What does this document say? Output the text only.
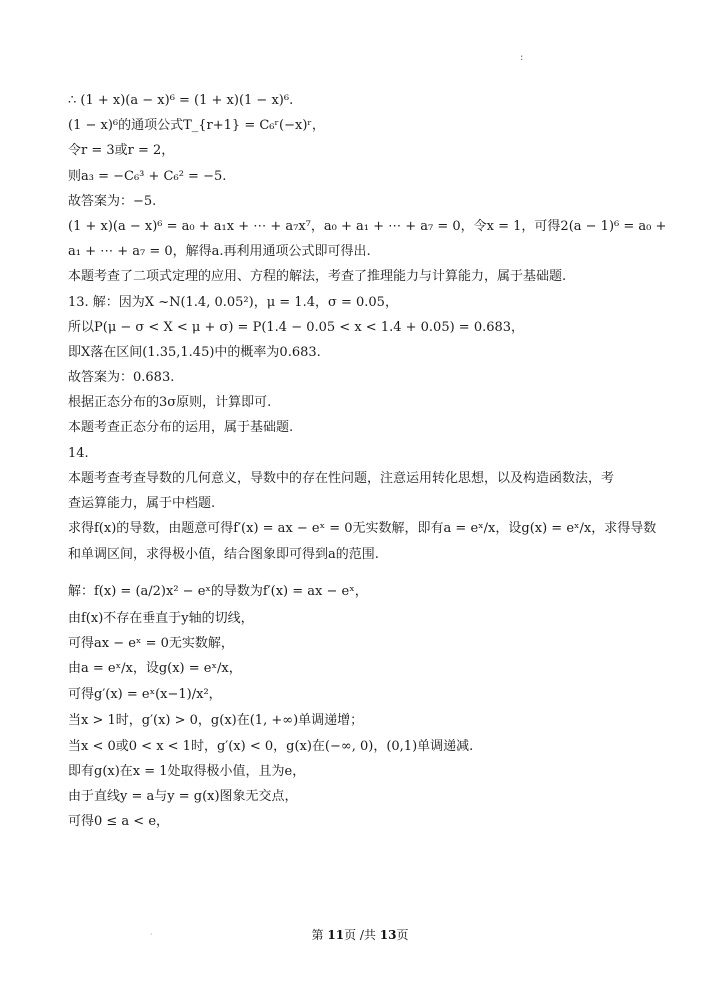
:
∴ (1 + x)(a − x)⁶ = (1 + x)(1 − x)⁶.
(1 − x)⁶的通项公式T_{r+1} = C₆ʳ(−x)ʳ，
令r = 3或r = 2，
则a₃ = −C₆³ + C₆² = −5.
故答案为：−5.
(1 + x)(a − x)⁶ = a₀ + a₁x + ⋯ + a₇x⁷，a₀ + a₁ + ⋯ + a₇ = 0，令x = 1，可得2(a − 1)⁶ = a₀ +
a₁ + ⋯ + a₇ = 0，解得a.再利用通项公式即可得出.
本题考查了二项式定理的应用、方程的解法，考查了推理能力与计算能力，属于基础题.
13. 解：因为X ~N(1.4, 0.05²)，μ = 1.4，σ = 0.05，
所以P(μ − σ < X < μ + σ) = P(1.4 − 0.05 < x < 1.4 + 0.05) = 0.683，
即X落在区间(1.35,1.45)中的概率为0.683.
故答案为：0.683.
根据正态分布的3σ原则，计算即可.
本题考查正态分布的运用，属于基础题.
14.
本题考查考查导数的几何意义，导数中的存在性问题，注意运用转化思想，以及构造函数法，考
查运算能力，属于中档题.
求得f(x)的导数，由题意可得f′(x) = ax − eˣ = 0无实数解，即有a = eˣ/x，设g(x) = eˣ/x，求得导数
和单调区间，求得极小值，结合图象即可得到a的范围.
解：f(x) = (a/2)x² − eˣ的导数为f′(x) = ax − eˣ，
由f(x)不存在垂直于y轴的切线，
可得ax − eˣ = 0无实数解，
由a = eˣ/x，设g(x) = eˣ/x，
可得g′(x) = eˣ(x−1)/x²，
当x > 1时，g′(x) > 0，g(x)在(1, +∞)单调递增；
当x < 0或0 < x < 1时，g′(x) < 0，g(x)在(−∞, 0)，(0,1)单调递减.
即有g(x)在x = 1处取得极小值，且为e，
由于直线y = a与y = g(x)图象无交点，
可得0 ≤ a < e，
·	第 11页 /共 13页
